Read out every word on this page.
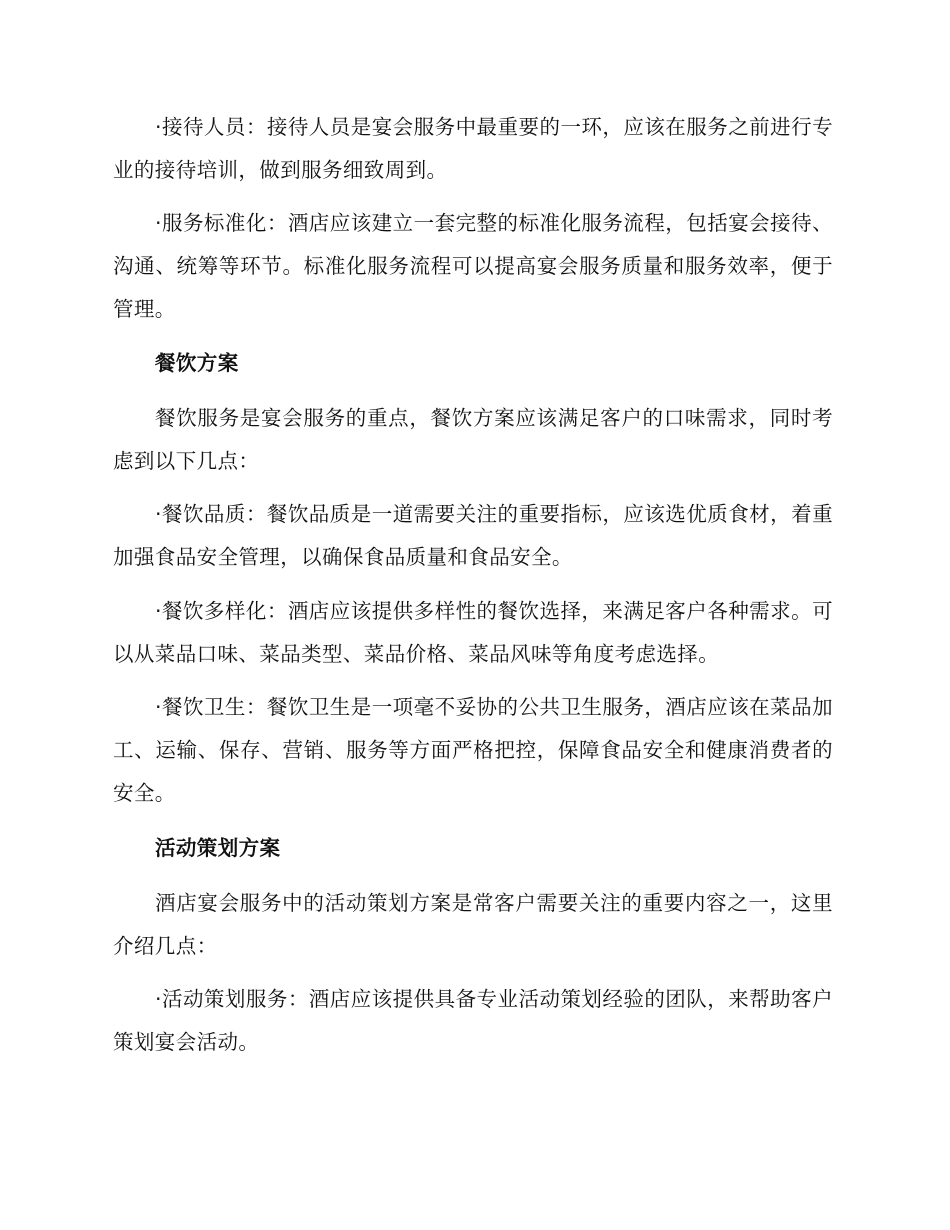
·接待人员：接待人员是宴会服务中最重要的一环，应该在服务之前进行专业的接待培训，做到服务细致周到。

·服务标准化：酒店应该建立一套完整的标准化服务流程，包括宴会接待、沟通、统筹等环节。标准化服务流程可以提高宴会服务质量和服务效率，便于管理。

餐饮方案

餐饮服务是宴会服务的重点，餐饮方案应该满足客户的口味需求，同时考虑到以下几点：

·餐饮品质：餐饮品质是一道需要关注的重要指标，应该选优质食材，着重加强食品安全管理，以确保食品质量和食品安全。

·餐饮多样化：酒店应该提供多样性的餐饮选择，来满足客户各种需求。可以从菜品口味、菜品类型、菜品价格、菜品风味等角度考虑选择。

·餐饮卫生：餐饮卫生是一项毫不妥协的公共卫生服务，酒店应该在菜品加工、运输、保存、营销、服务等方面严格把控，保障食品安全和健康消费者的安全。

活动策划方案

酒店宴会服务中的活动策划方案是常客户需要关注的重要内容之一，这里介绍几点：

·活动策划服务：酒店应该提供具备专业活动策划经验的团队，来帮助客户策划宴会活动。
